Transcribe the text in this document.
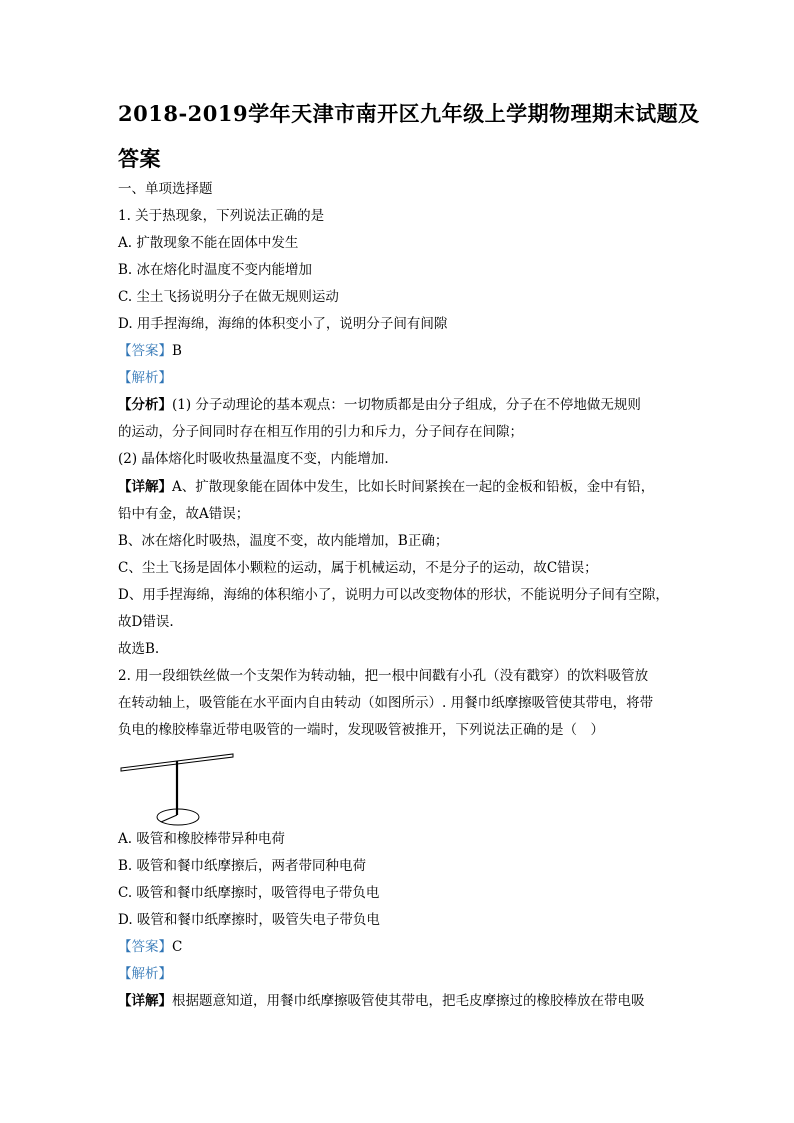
2018-2019学年天津市南开区九年级上学期物理期末试题及
答案
一、单项选择题
1. 关于热现象，下列说法正确的是
A. 扩散现象不能在固体中发生
B. 冰在熔化时温度不变内能增加
C. 尘土飞扬说明分子在做无规则运动
D. 用手捏海绵，海绵的体积变小了，说明分子间有间隙
【答案】B
【解析】
【分析】(1) 分子动理论的基本观点：一切物质都是由分子组成，分子在不停地做无规则
的运动，分子间同时存在相互作用的引力和斥力，分子间存在间隙；
(2) 晶体熔化时吸收热量温度不变，内能增加.
【详解】A、扩散现象能在固体中发生，比如长时间紧挨在一起的金板和铅板，金中有铅，
铅中有金，故A错误；
B、冰在熔化时吸热，温度不变，故内能增加，B正确；
C、尘土飞扬是固体小颗粒的运动，属于机械运动，不是分子的运动，故C错误；
D、用手捏海绵，海绵的体积缩小了，说明力可以改变物体的形状，不能说明分子间有空隙，
故D错误.
故选B.
2. 用一段细铁丝做一个支架作为转动轴，把一根中间戳有小孔（没有戳穿）的饮料吸管放
在转动轴上，吸管能在水平面内自由转动（如图所示）. 用餐巾纸摩擦吸管使其带电，将带
负电的橡胶棒靠近带电吸管的一端时，发现吸管被推开，下列说法正确的是（　）
A. 吸管和橡胶棒带异种电荷
B. 吸管和餐巾纸摩擦后，两者带同种电荷
C. 吸管和餐巾纸摩擦时，吸管得电子带负电
D. 吸管和餐巾纸摩擦时，吸管失电子带负电
【答案】C
【解析】
【详解】根据题意知道，用餐巾纸摩擦吸管使其带电，把毛皮摩擦过的橡胶棒放在带电吸
